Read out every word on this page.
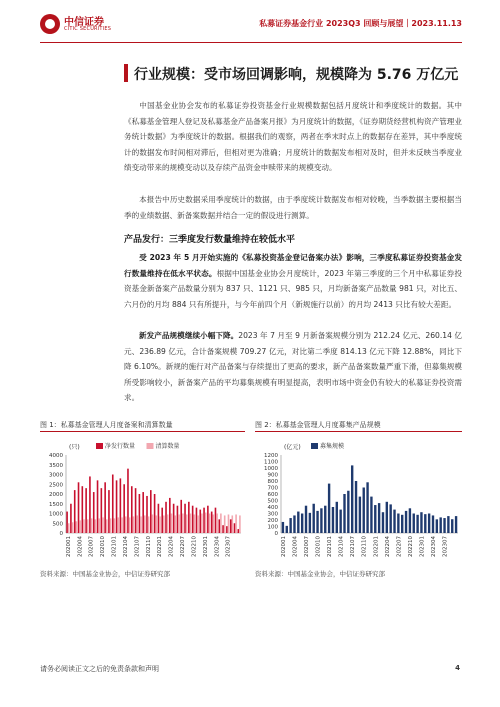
中信证券
CITIC SECURITIES
私募证券基金行业 2023Q3 回顾与展望｜2023.11.13
行业规模：受市场回调影响，规模降为 5.76 万亿元
中国基金业协会发布的私募证券投资基金行业规模数据包括月度统计和季度统计的数据。其中《私募基金管理人登记及私募基金产品备案月报》为月度统计的数据，《证券期货经营机构资产管理业务统计数据》为季度统计的数据。根据我们的观察，两者在季末时点上的数据存在差异，其中季度统计的数据发布时间相对滞后，但相对更为准确；月度统计的数据发布相对及时，但并未反映当季度业绩变动带来的规模变动以及存续产品资金申赎带来的规模变动。
本报告中历史数据采用季度统计的数据，由于季度统计数据发布相对较晚，当季数据主要根据当季的业绩数据、新备案数据并结合一定的假设进行测算。
产品发行：三季度发行数量维持在较低水平
受 2023 年 5 月开始实施的《私募投资基金登记备案办法》影响，三季度私募证券投资基金发行数量维持在低水平状态。根据中国基金业协会月度统计，2023 年第三季度的三个月中私募证券投资基金新备案产品数量分别为 837 只、1121 只、985 只，月均新备案产品数量 981 只，对比五、六月份的月均 884 只有所提升，与今年前四个月（新规施行以前）的月均 2413 只比有较大差距。
新发产品规模继续小幅下降。2023 年 7 月至 9 月新备案规模分别为 212.24 亿元、260.14 亿元、236.89 亿元，合计备案规模 709.27 亿元，对比第二季度 814.13 亿元下降 12.88%，同比下降 6.10%。新规的施行对产品备案与存续提出了更高的要求，新产品备案数量严重下滑，但募集规模所受影响较小，新备案产品的平均募集规模有明显提高，表明市场中资金仍有较大的私募证券投资需求。
图 1：私募基金管理人月度备案和清算数量
0
500
1000
1500
2000
2500
3000
3500
4000
(只)	净发行数量	清算数量
202001 202004 202007 202010 202101 202104 202107 202110 202201 202204 202207 202210 202301 202304 202307
资料来源：中国基金业协会，中信证券研究部
图 2：私募基金管理人月度募集产品规模
0
100
200
300
400
500
600
700
800
900
1000
1100
1200
(亿元)	募集规模
202001 202004 202007 202010 202101 202104 202107 202110 202201 202204 202207 202210 202301 202304 202307
资料来源：中国基金业协会，中信证券研究部
请务必阅读正文之后的免责条款和声明	4
